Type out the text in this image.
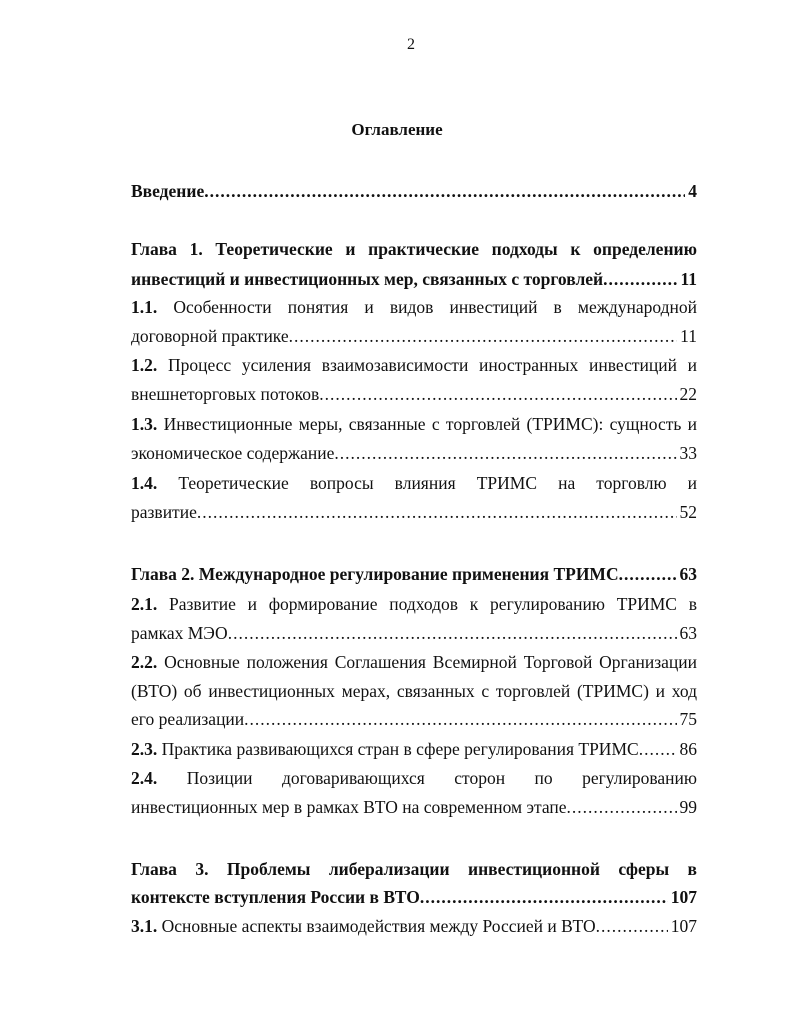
2
Оглавление
Введение .....	4
Глава 1. Теоретические и практические подходы к определению
инвестиций и инвестиционных мер, связанных с торговлей .....	11
1.1. Особенности понятия и видов инвестиций в международной
договорной практике .....	11
1.2. Процесс усиления взаимозависимости иностранных инвестиций и
внешнеторговых потоков .....	22
1.3. Инвестиционные меры, связанные с торговлей (ТРИМС): сущность и
экономическое содержание .....	33
1.4. Теоретические вопросы влияния ТРИМС на торговлю и
развитие .....	52
Глава 2. Международное регулирование применения ТРИМС .....	63
2.1. Развитие и формирование подходов к регулированию ТРИМС в
рамках МЭО .....	63
2.2. Основные положения Соглашения Всемирной Торговой Организации
(ВТО) об инвестиционных мерах, связанных с торговлей (ТРИМС) и ход
его реализации .....	75
2.3. Практика развивающихся стран в сфере регулирования ТРИМС ..... 86
2.4. Позиции договаривающихся сторон по регулированию
инвестиционных мер в рамках ВТО на современном этапе .....	99
Глава 3. Проблемы либерализации инвестиционной сферы в
контексте вступления России в ВТО .....	107
3.1. Основные аспекты взаимодействия между Россией и ВТО .....	107
